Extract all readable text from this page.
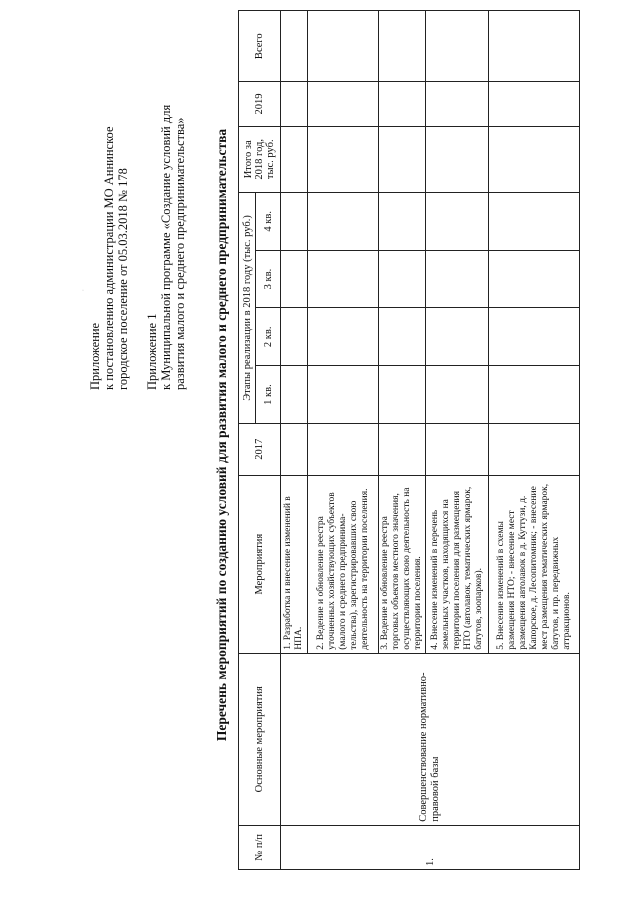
·
Приложение к постановлению администрации МО Аннинское городское поселение от 05.03.2018 № 178 Приложение 1 к Муниципальной программе «Создание условий для развития малого и среднего предпринимательства» Перечень мероприятий по созданию условий для развития малого и среднего предпринимательства
№ п/п	Основные мероприятия	Мероприятия	2017	Этапы реализации в 2018 году (тыс. руб.)				Итого за 2018 год, тыс. руб.	2019	Всего
				1 кв.	2 кв.	3 кв.	4 кв.			
1.	Совершенствование нормативно-правовой базы	1. Разработка и внесение изменений в НПА.								
		2. Ведение и обновление реестра уточненных хозяйствующих субъектов (малого и среднего предпринима-тельства), зарегистрировавших свою деятельность на территории поселения.								
		3. Ведение и обновление реестра торговых объектов местного значения, осуществляющих свою деятельность на территории поселения.								
		4. Внесение изменений в перечень земельных участков, находящихся на территории поселения для размещения НТО (автолавок, тематических ярмарок, батутов, зоопарков).								
		5. Внесение изменений в схемы размещения НТО; - внесение мест размещения автолавок в д. Куттузи, д. Капорское, д. Лесопитомник; - внесение мест размещения тематических ярмарок, батутов, и пр. передвижных аттракционов.								
